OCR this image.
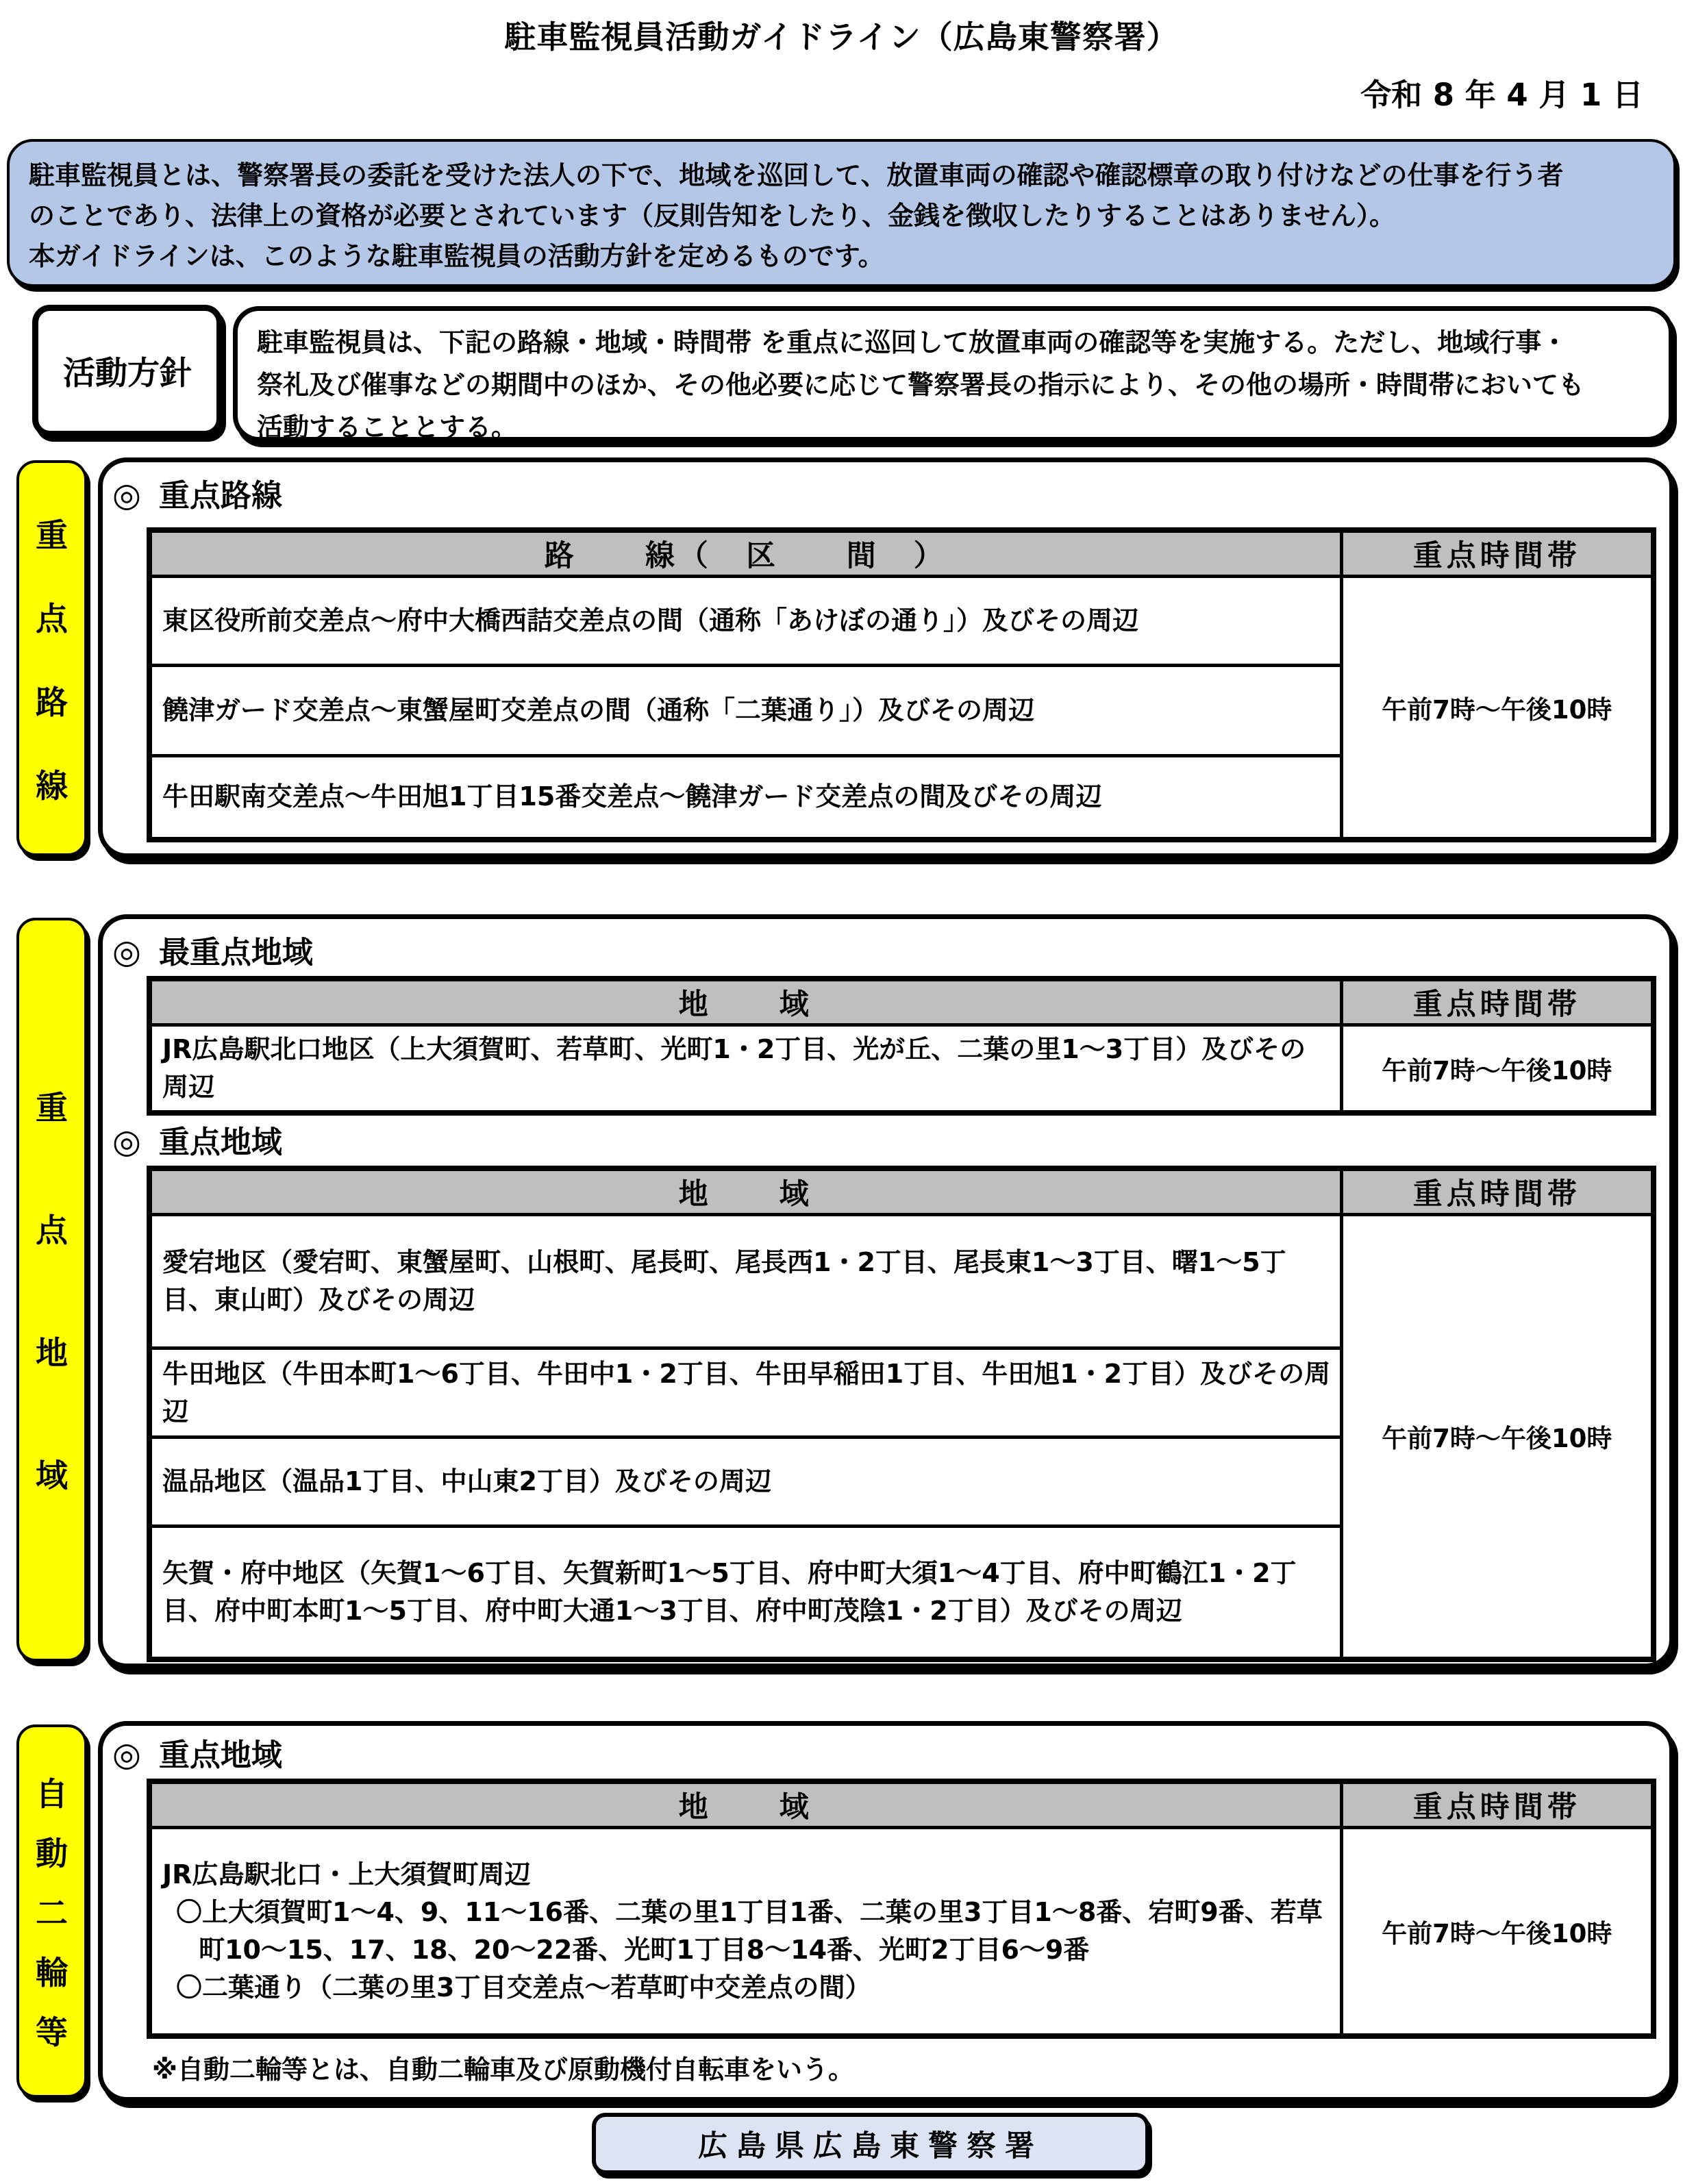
駐車監視員活動ガイドライン（広島東警察署）
令和 8 年 4 月 1 日
駐車監視員とは、警察署長の委託を受けた法人の下で、地域を巡回して、放置車両の確認や確認標章の取り付けなどの仕事を行う者
のことであり、法律上の資格が必要とされています（反則告知をしたり、金銭を徴収したりすることはありません）。
本ガイドラインは、このような駐車監視員の活動方針を定めるものです。
活動方針
駐車監視員は、下記の路線・地域・時間帯 を重点に巡回して放置車両の確認等を実施する。ただし、地域行事・
祭礼及び催事などの期間中のほか、その他必要に応じて警察署長の指示により、その他の場所・時間帯においても
活動することとする。
重
点
路
線
◎ 重点路線
路　　線（　区　　間　）	重点時間帯
東区役所前交差点～府中大橋西詰交差点の間（通称「あけぼの通り」）及びその周辺	午前7時～午後10時
饒津ガード交差点～東蟹屋町交差点の間（通称「二葉通り」）及びその周辺	
牛田駅南交差点～牛田旭1丁目15番交差点～饒津ガード交差点の間及びその周辺	
重
点
地
域
◎ 最重点地域
地　　域	重点時間帯
JR広島駅北口地区（上大須賀町、若草町、光町1・2丁目、光が丘、二葉の里1～3丁目）及びその周辺	午前7時～午後10時
◎ 重点地域
地　　域	重点時間帯
愛宕地区（愛宕町、東蟹屋町、山根町、尾長町、尾長西1・2丁目、尾長東1～3丁目、曙1～5丁目、東山町）及びその周辺	午前7時～午後10時
牛田地区（牛田本町1～6丁目、牛田中1・2丁目、牛田早稲田1丁目、牛田旭1・2丁目）及びその周辺	
温品地区（温品1丁目、中山東2丁目）及びその周辺	
矢賀・府中地区（矢賀1～6丁目、矢賀新町1～5丁目、府中町大須1～4丁目、府中町鶴江1・2丁目、府中町本町1～5丁目、府中町大通1～3丁目、府中町茂陰1・2丁目）及びその周辺	
自
動
二
輪
等
◎ 重点地域
地　　域	重点時間帯

JR広島駅北口・上大須賀町周辺
〇上大須賀町1～4、9、11～16番、二葉の里1丁目1番、二葉の里3丁目1～8番、宕町9番、若草町10～15、17、18、20～22番、光町1丁目8～14番、光町2丁目6～9番
〇二葉通り（二葉の里3丁目交差点～若草町中交差点の間）	午前7時～午後10時
※自動二輪等とは、自動二輪車及び原動機付自転車をいう。
広島県広島東警察署
